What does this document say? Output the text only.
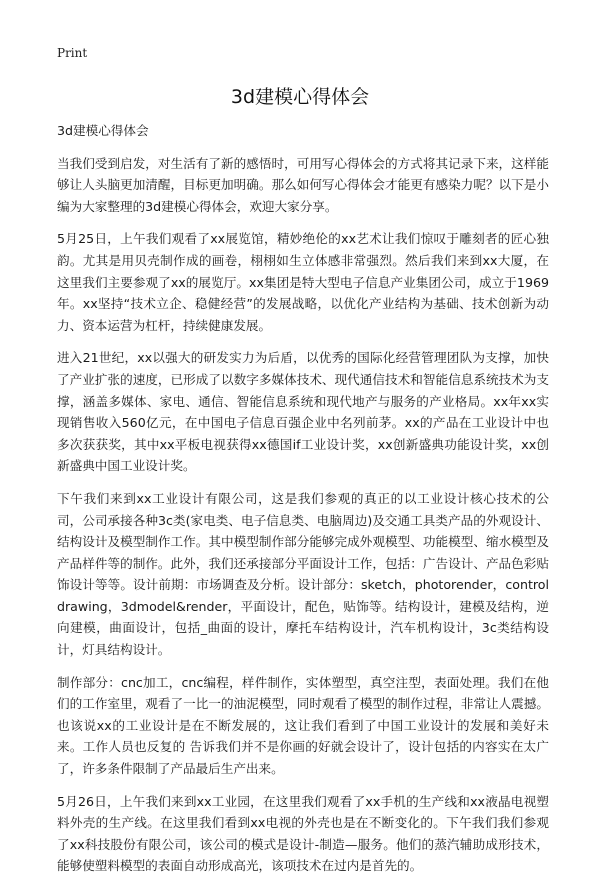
Print
3d建模心得体会

3d建模心得体会

当我们受到启发，对生活有了新的感悟时，可用写心得体会的方式将其记录下来，这样能够让人头脑更加清醒，目标更加明确。那么如何写心得体会才能更有感染力呢？以下是小编为大家整理的3d建模心得体会，欢迎大家分享。

5月25日，上午我们观看了xx展览馆，精妙绝伦的xx艺术让我们惊叹于雕刻者的匠心独韵。尤其是用贝壳制作成的画卷，栩栩如生立体感非常强烈。然后我们来到xx大厦，在这里我们主要参观了xx的展览厅。xx集团是特大型电子信息产业集团公司，成立于1969年。xx坚持“技术立企、稳健经营”的发展战略，以优化产业结构为基础、技术创新为动力、资本运营为杠杆，持续健康发展。

进入21世纪，xx以强大的研发实力为后盾，以优秀的国际化经营管理团队为支撑，加快了产业扩张的速度，已形成了以数字多媒体技术、现代通信技术和智能信息系统技术为支撑，涵盖多媒体、家电、通信、智能信息系统和现代地产与服务的产业格局。xx年xx实现销售收入560亿元，在中国电子信息百强企业中名列前茅。xx的产品在工业设计中也多次获获奖，其中xx平板电视获得xx德国if工业设计奖，xx创新盛典功能设计奖，xx创新盛典中国工业设计奖。

下午我们来到xx工业设计有限公司，这是我们参观的真正的以工业设计核心技术的公司，公司承接各种3c类(家电类、电子信息类、电脑周边)及交通工具类产品的外观设计、结构设计及模型制作工作。其中模型制作部分能够完成外观模型、功能模型、缩水模型及产品样件等的制作。此外，我们还承接部分平面设计工作，包括：广告设计、产品色彩贴饰设计等等。设计前期：市场调查及分析。设计部分：sketch，photorender，controldrawing，3dmodel&render，平面设计，配色，贴饰等。结构设计，建模及结构，逆向建模，曲面设计，包括_曲面的设计，摩托车结构设计，汽车机构设计，3c类结构设计，灯具结构设计。

制作部分：cnc加工，cnc编程，样件制作，实体塑型，真空注型，表面处理。我们在他们的工作室里，观看了一比一的油泥模型，同时观看了模型的制作过程，非常让人震撼。也该说xx的工业设计是在不断发展的，这让我们看到了中国工业设计的发展和美好未来。工作人员也反复的 告诉我们并不是你画的好就会设计了，设计包括的内容实在太广了，许多条件限制了产品最后生产出来。

5月26日，上午我们来到xx工业园，在这里我们观看了xx手机的生产线和xx液晶电视塑料外壳的生产线。在这里我们看到xx电视的外壳也是在不断变化的。下午我们我们参观了xx科技股份有限公司，该公司的模式是设计-制造—服务。他们的蒸汽辅助成形技术，能够使塑料模型的表面自动形成高光，该项技术在过内是首先的。
